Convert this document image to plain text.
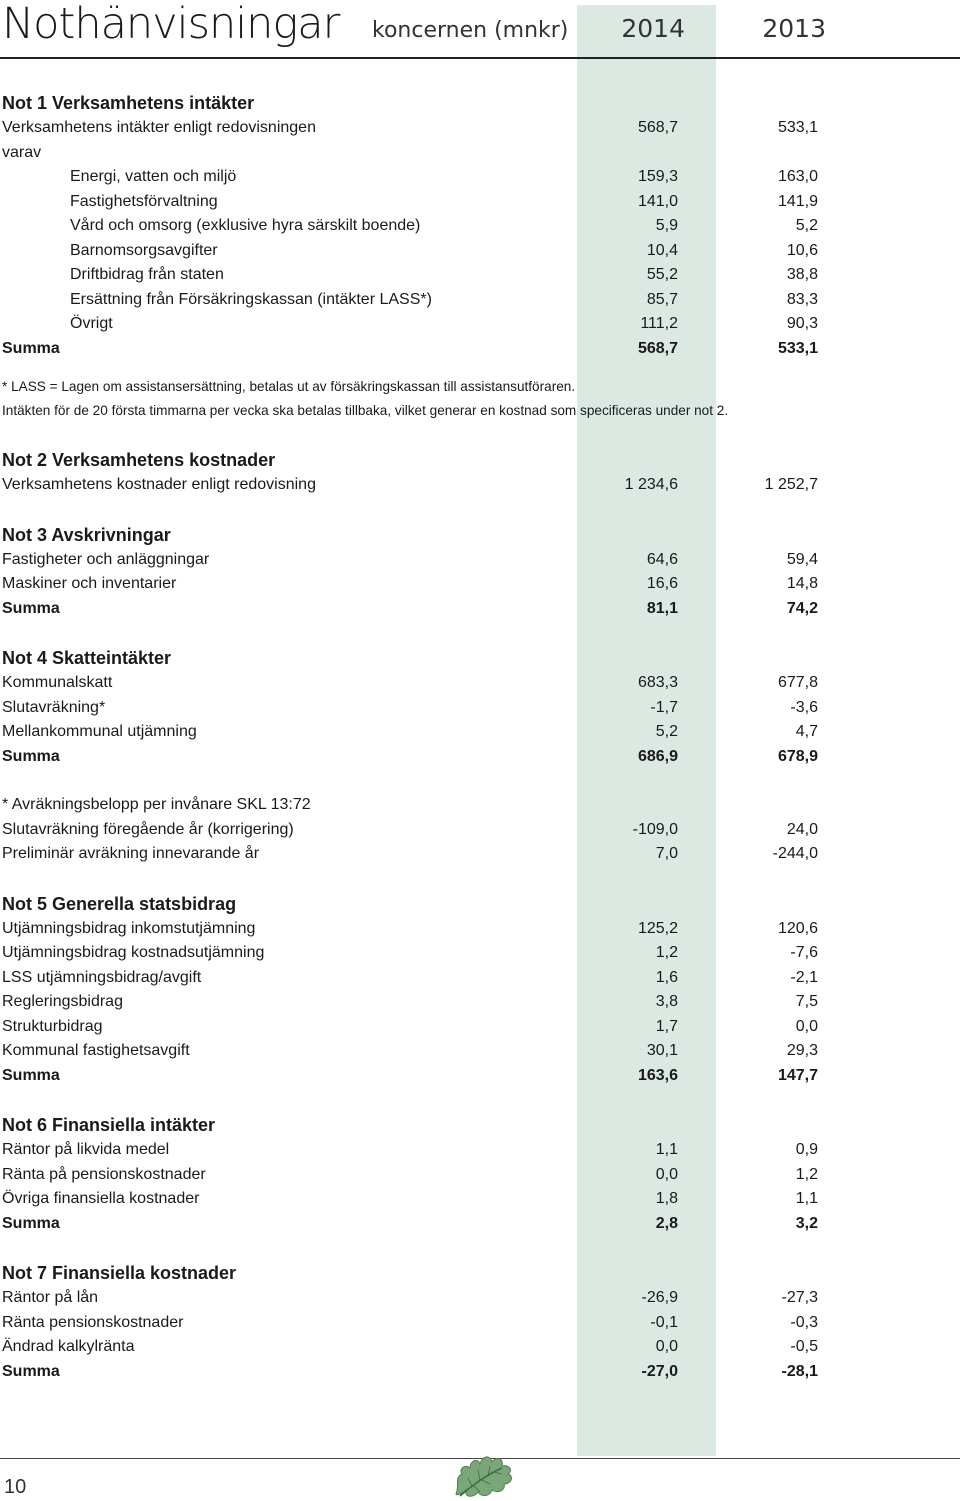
Nothänvisningar koncernen (mnkr)	2014	2013
Not 1 Verksamhetens intäkter
Verksamhetens intäkter enligt redovisningen	568,7	533,1
varav
Energi, vatten och miljö	159,3	163,0
Fastighetsförvaltning	141,0	141,9
Vård och omsorg (exklusive hyra särskilt boende)	5,9	5,2
Barnomsorgsavgifter	10,4	10,6
Driftbidrag från staten	55,2	38,8
Ersättning från Försäkringskassan (intäkter LASS*)	85,7	83,3
Övrigt	111,2	90,3
Summa	568,7	533,1
* LASS = Lagen om assistansersättning, betalas ut av försäkringskassan till assistansutföraren.
Intäkten för de 20 första timmarna per vecka ska betalas tillbaka, vilket generar en kostnad som specificeras under not 2.
Not 2 Verksamhetens kostnader
Verksamhetens kostnader enligt redovisning	1 234,6	1 252,7
Not 3 Avskrivningar
Fastigheter och anläggningar	64,6	59,4
Maskiner och inventarier	16,6	14,8
Summa	81,1	74,2
Not 4 Skatteintäkter
Kommunalskatt	683,3	677,8
Slutavräkning*	-1,7	-3,6
Mellankommunal utjämning	5,2	4,7
Summa	686,9	678,9
* Avräkningsbelopp per invånare SKL 13:72
Slutavräkning föregående år (korrigering)	-109,0	24,0
Preliminär avräkning innevarande år	7,0	-244,0
Not 5 Generella statsbidrag
Utjämningsbidrag inkomstutjämning	125,2	120,6
Utjämningsbidrag kostnadsutjämning	1,2	-7,6
LSS utjämningsbidrag/avgift	1,6	-2,1
Regleringsbidrag	3,8	7,5
Strukturbidrag	1,7	0,0
Kommunal fastighetsavgift	30,1	29,3
Summa	163,6	147,7
Not 6 Finansiella intäkter
Räntor på likvida medel	1,1	0,9
Ränta på pensionskostnader	0,0	1,2
Övriga finansiella kostnader	1,8	1,1
Summa	2,8	3,2
Not 7 Finansiella kostnader
Räntor på lån	-26,9	-27,3
Ränta pensionskostnader	-0,1	-0,3
Ändrad kalkylränta	0,0	-0,5
Summa	-27,0	-28,1
10
